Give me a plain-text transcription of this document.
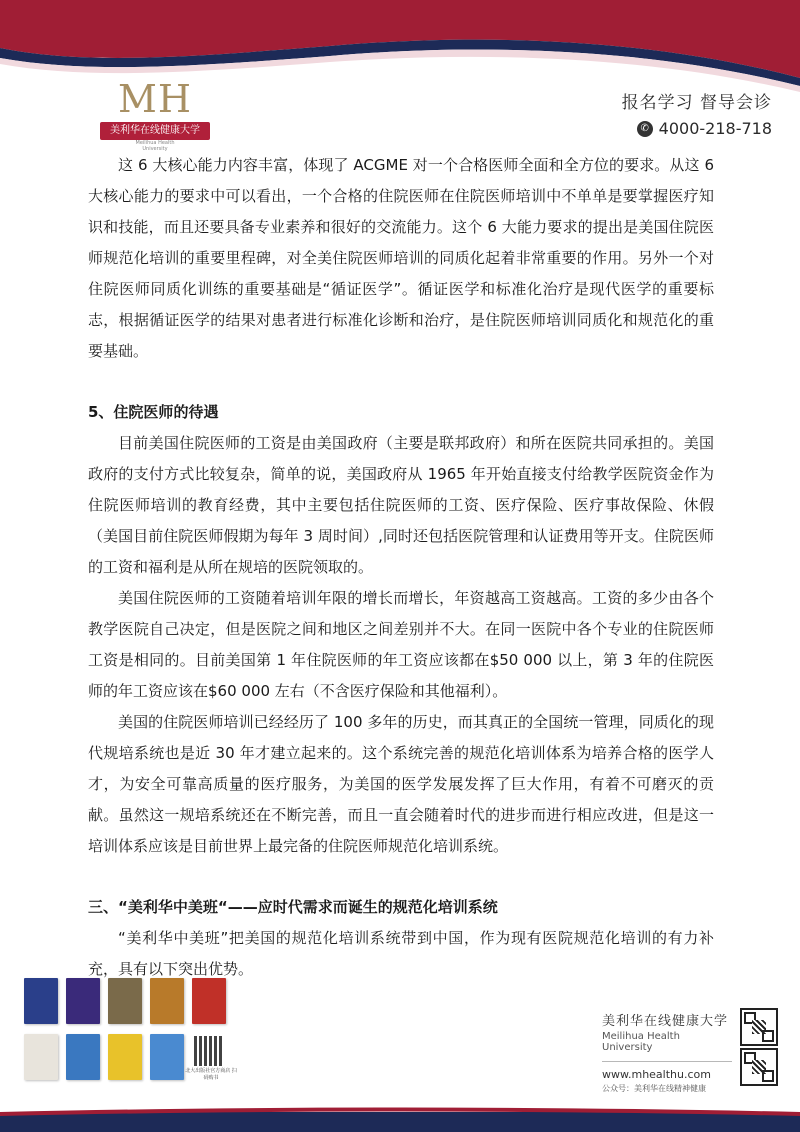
MH
美利华在线健康大学
Meilihua Health University
报名学习 督导会诊
✆ 4000-218-718

这 6 大核心能力内容丰富，体现了 ACGME 对一个合格医师全面和全方位的要求。从这 6 大核心能力的要求中可以看出，一个合格的住院医师在住院医师培训中不单单是要掌握医疗知识和技能，而且还要具备专业素养和很好的交流能力。这个 6 大能力要求的提出是美国住院医师规范化培训的重要里程碑，对全美住院医师培训的同质化起着非常重要的作用。另外一个对住院医师同质化训练的重要基础是“循证医学”。循证医学和标准化治疗是现代医学的重要标志，根据循证医学的结果对患者进行标准化诊断和治疗，是住院医师培训同质化和规范化的重要基础。

5、住院医师的待遇

目前美国住院医师的工资是由美国政府（主要是联邦政府）和所在医院共同承担的。美国政府的支付方式比较复杂，简单的说，美国政府从 1965 年开始直接支付给教学医院资金作为住院医师培训的教育经费，其中主要包括住院医师的工资、医疗保险、医疗事故保险、休假（美国目前住院医师假期为每年 3 周时间）,同时还包括医院管理和认证费用等开支。住院医师的工资和福利是从所在规培的医院领取的。

美国住院医师的工资随着培训年限的增长而增长，年资越高工资越高。工资的多少由各个教学医院自己决定，但是医院之间和地区之间差别并不大。在同一医院中各个专业的住院医师工资是相同的。目前美国第 1 年住院医师的年工资应该都在$50 000 以上，第 3 年的住院医师的年工资应该在$60 000 左右（不含医疗保险和其他福利）。

美国的住院医师培训已经经历了 100 多年的历史，而其真正的全国统一管理，同质化的现代规培系统也是近 30 年才建立起来的。这个系统完善的规范化培训体系为培养合格的医学人才，为安全可靠高质量的医疗服务，为美国的医学发展发挥了巨大作用，有着不可磨灭的贡献。虽然这一规培系统还在不断完善，而且一直会随着时代的进步而进行相应改进，但是这一培训体系应该是目前世界上最完备的住院医师规范化培训系统。

三、“美利华中美班“——应时代需求而诞生的规范化培训系统

“美利华中美班”把美国的规范化培训系统带到中国，作为现有医院规范化培训的有力补充，具有以下突出优势。

北大出版社官方商店 扫码购书
美利华在线健康大学
Meilihua Health University
www.mhealthu.com
公众号：美利华在线精神健康
